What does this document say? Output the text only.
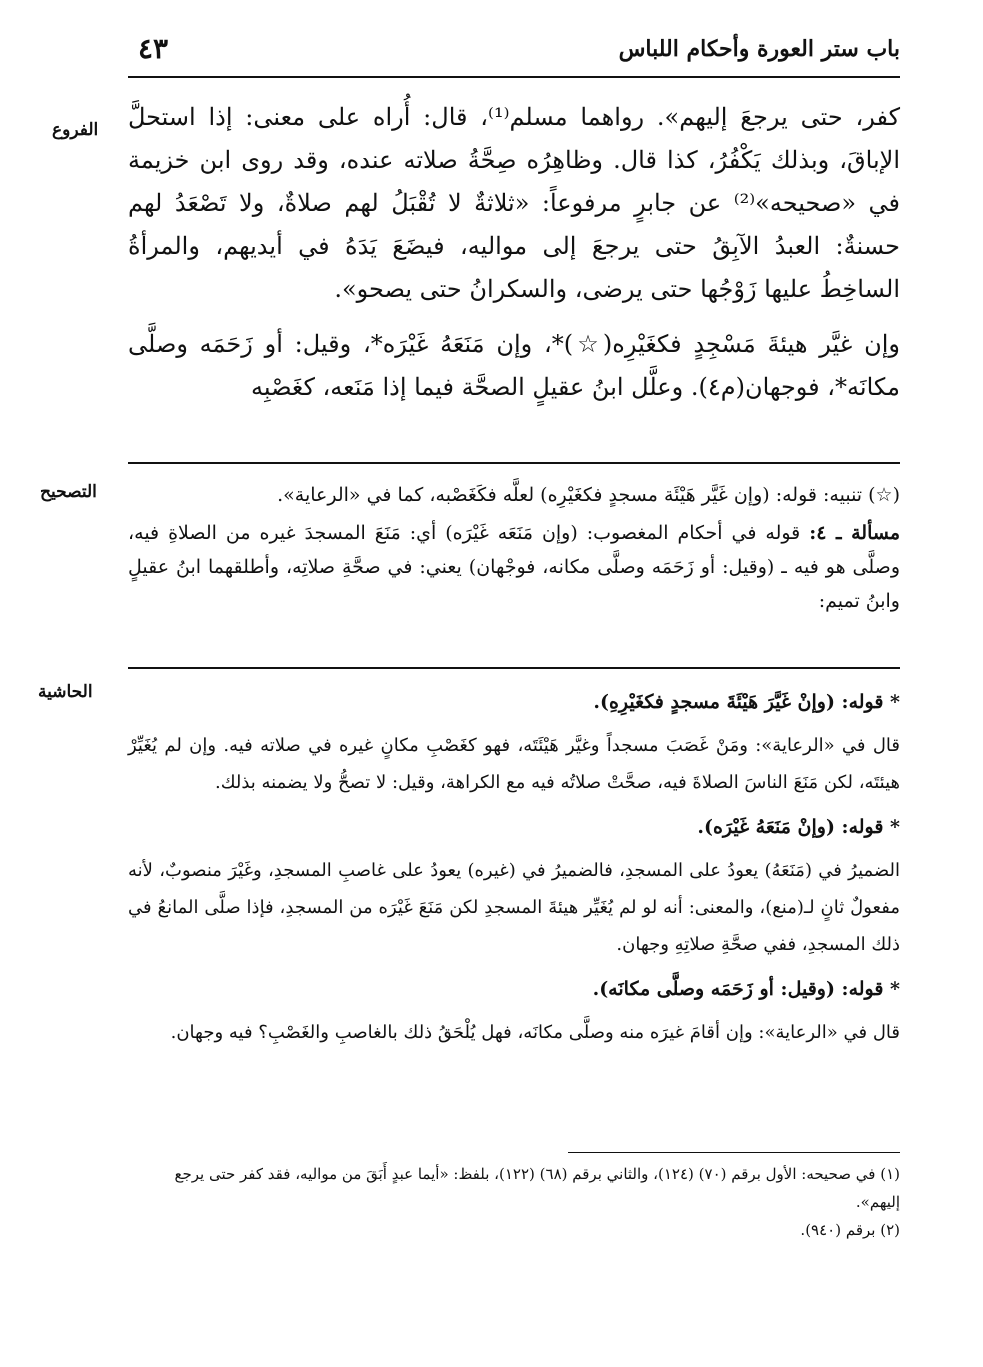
باب ستر العورة وأحكام اللباس
٤٣
الفروع
التصحيح
الحاشية

كفر، حتى يرجعَ إليهم». رواهما مسلم⁽¹⁾، قال: أُراه على معنى: إذا استحلَّ الإباقَ، وبذلك يَكْفُرُ، كذا قال. وظاهِرُه صِحَّةُ صلاته عنده، وقد روى ابن خزيمة في «صحيحه»⁽²⁾ عن جابرٍ مرفوعاً: «ثلاثةٌ لا تُقْبَلُ لهم صلاةٌ، ولا تَصْعَدُ لهم حسنةٌ: العبدُ الآبِقُ حتى يرجعَ إلى مواليه، فيضَعَ يَدَهُ في أيديهم، والمرأةُ الساخِطُ عليها زَوْجُها حتى يرضى، والسكرانُ حتى يصحو».

وإن غيَّر هيئةَ مَسْجِدٍ فكغَيْرِه(☆)*، وإن مَنَعَهُ غَيْرَه*، وقيل: أو زَحَمَه وصلَّى مكانَه*، فوجهان(م٤). وعلَّل ابنُ عقيلٍ الصحَّة فيما إذا مَنَعه، كغَصْبِه

(☆) تنبيه: قوله: (وإن غَيَّر هَيْئَة مسجدٍ فكغَيْرِه) لعلَّه فكَغَصْبه، كما في «الرعاية».

مسألة ـ ٤: قوله في أحكام المغصوب: (وإن مَنَعَه غَيْرَه) أي: مَنَعَ المسجدَ غيره من الصلاةِ فيه، وصلَّى هو فيه ـ (وقيل: أو زَحَمَه وصلَّى مكانه، فوجْهان) يعني: في صحَّةِ صلاتِه، وأطلقهما ابنُ عقيلٍ وابنُ تميم:

* قوله: (وإنْ غَيَّرَ هَيْئَةَ مسجدٍ فكغَيْرِهِ).

قال في «الرعاية»: ومَنْ غَصَبَ مسجداً وغيَّر هَيْئَتَه، فهو كغَصْبِ مكانٍ غيره في صلاته فيه. وإن لم يُغَيِّرْ هيئتَه، لكن مَنَعَ الناسَ الصلاةَ فيه، صحَّتْ صلاتُه فيه مع الكراهة، وقيل: لا تصحُّ ولا يضمنه بذلك.

* قوله: (وإنْ مَنَعَهُ غَيْرَه).

الضميرُ في (مَنَعَهُ) يعودُ على المسجدِ، فالضميرُ في (غيره) يعودُ على غاصبِ المسجدِ، وغَيْرَ منصوبٌ، لأنه مفعولٌ ثانٍ لـ(منع)، والمعنى: أنه لو لم يُغَيِّر هيئةَ المسجدِ لكن مَنَعَ غَيْرَه من المسجدِ، فإذا صلَّى المانعُ في ذلك المسجدِ، ففي صحَّةِ صلاتِهِ وجهان.

* قوله: (وقيل: أو زَحَمَه وصلَّى مكانَه).

قال في «الرعاية»: وإن أقامَ غيرَه منه وصلَّى مكانَه، فهل يُلْحَقُ ذلك بالغاصبِ والغَصْبِ؟ فيه وجهان.

(١) في صحيحه: الأول برقم (٧٠) (١٢٤)، والثاني برقم (٦٨) (١٢٢)، بلفظ: «أيما عبدٍ أَبَقَ من مواليه، فقد كفر حتى يرجع إليهم».

(٢) برقم (٩٤٠).
